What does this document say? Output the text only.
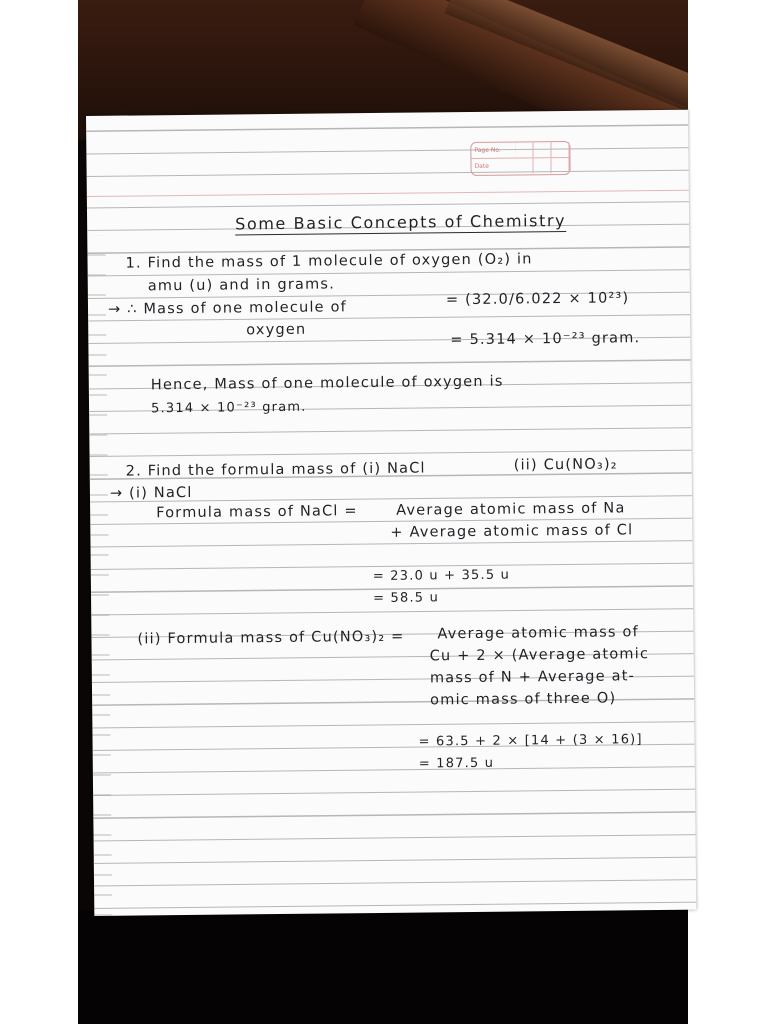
Page No.
Date
Some Basic Concepts of Chemistry
1. Find the mass of 1 molecule of oxygen (O₂) in
amu (u) and in grams.
→ ∴ Mass of one molecule of	= (32.0/6.022 × 10²³)
oxygen
= 5.314 × 10⁻²³ gram.
Hence, Mass of one molecule of oxygen is
5.314 × 10⁻²³ gram.
2. Find the formula mass of (i) NaCl	(ii) Cu(NO₃)₂
→ (i) NaCl
Formula mass of NaCl =	Average atomic mass of Na
+ Average atomic mass of Cl
= 23.0 u + 35.5 u
= 58.5 u
(ii) Formula mass of Cu(NO₃)₂ = Average atomic mass of
Cu + 2 × (Average atomic
mass of N + Average at-
omic mass of three O)
= 63.5 + 2 × [14 + (3 × 16)]
= 187.5 u
